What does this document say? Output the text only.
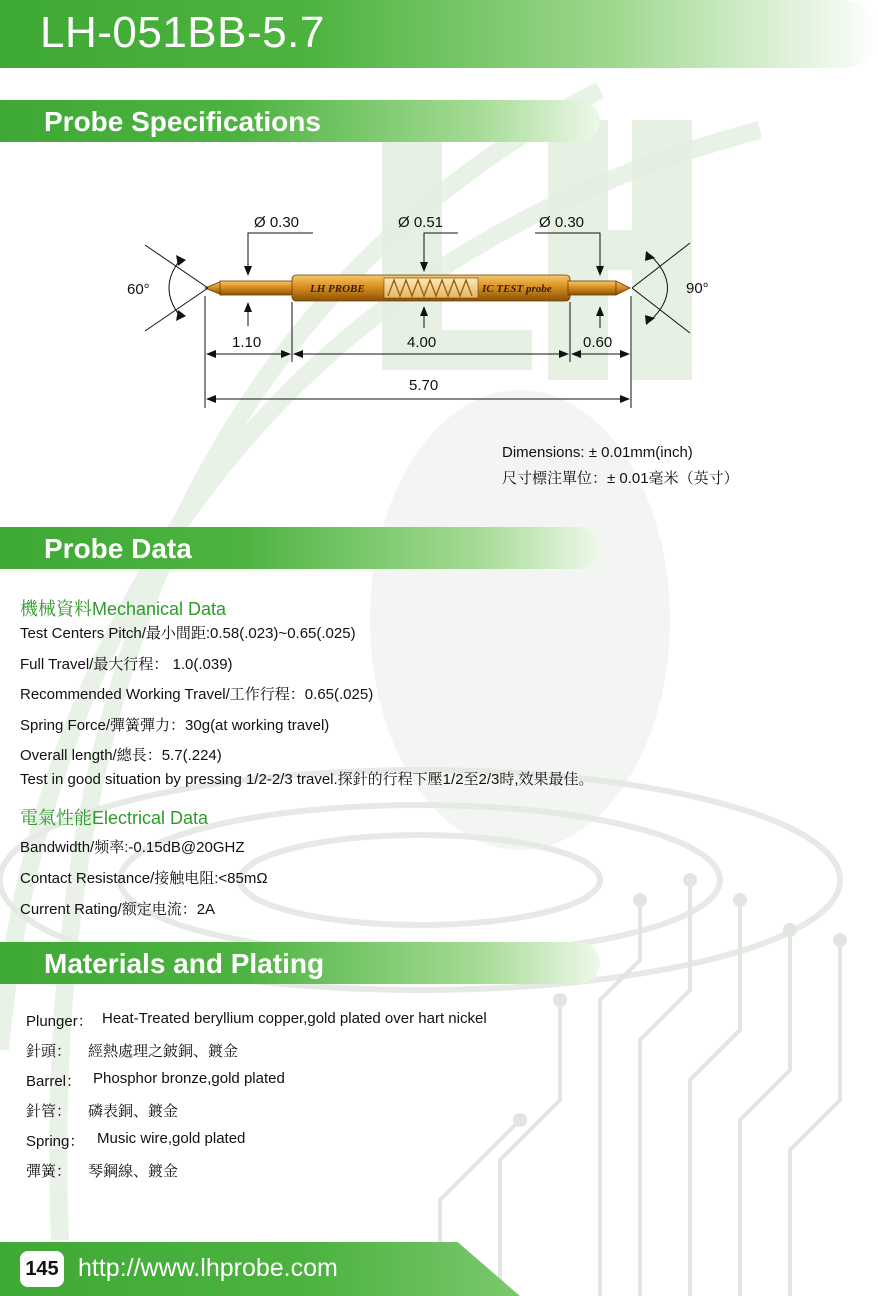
LH-051BB-5.7
Probe Specifications
LH PROBE	IC TEST probe
Ø 0.30	Ø 0.51	Ø 0.30
60°	90°
1.10	4.00	0.60
5.70
Dimensions: ± 0.01mm(inch)
尺寸標注單位：± 0.01毫米（英寸）
Probe Data
機械資料Mechanical Data
Test Centers Pitch/最小間距:0.58(.023)~0.65(.025)
Full Travel/最大行程： 1.0(.039)
Recommended Working Travel/工作行程：0.65(.025)
Spring Force/彈簧彈力：30g(at working travel)
Overall length/總長：5.7(.224)
Test in good situation by pressing 1/2-2/3 travel.探針的行程下壓1/2至2/3時,效果最佳。
電氣性能Electrical Data
Bandwidth/频率:-0.15dB@20GHZ
Contact Resistance/接触电阻:<85mΩ
Current Rating/额定电流：2A
Materials and Plating
Plunger： Heat-Treated beryllium copper,gold plated over hart nickel
針頭： 經熱處理之鈹銅、鍍金
Barrel： Phosphor bronze,gold plated
針管： 磷表銅、鍍金
Spring： Music wire,gold plated
彈簧： 琴鋼線、鍍金
145 http://www.lhprobe.com
